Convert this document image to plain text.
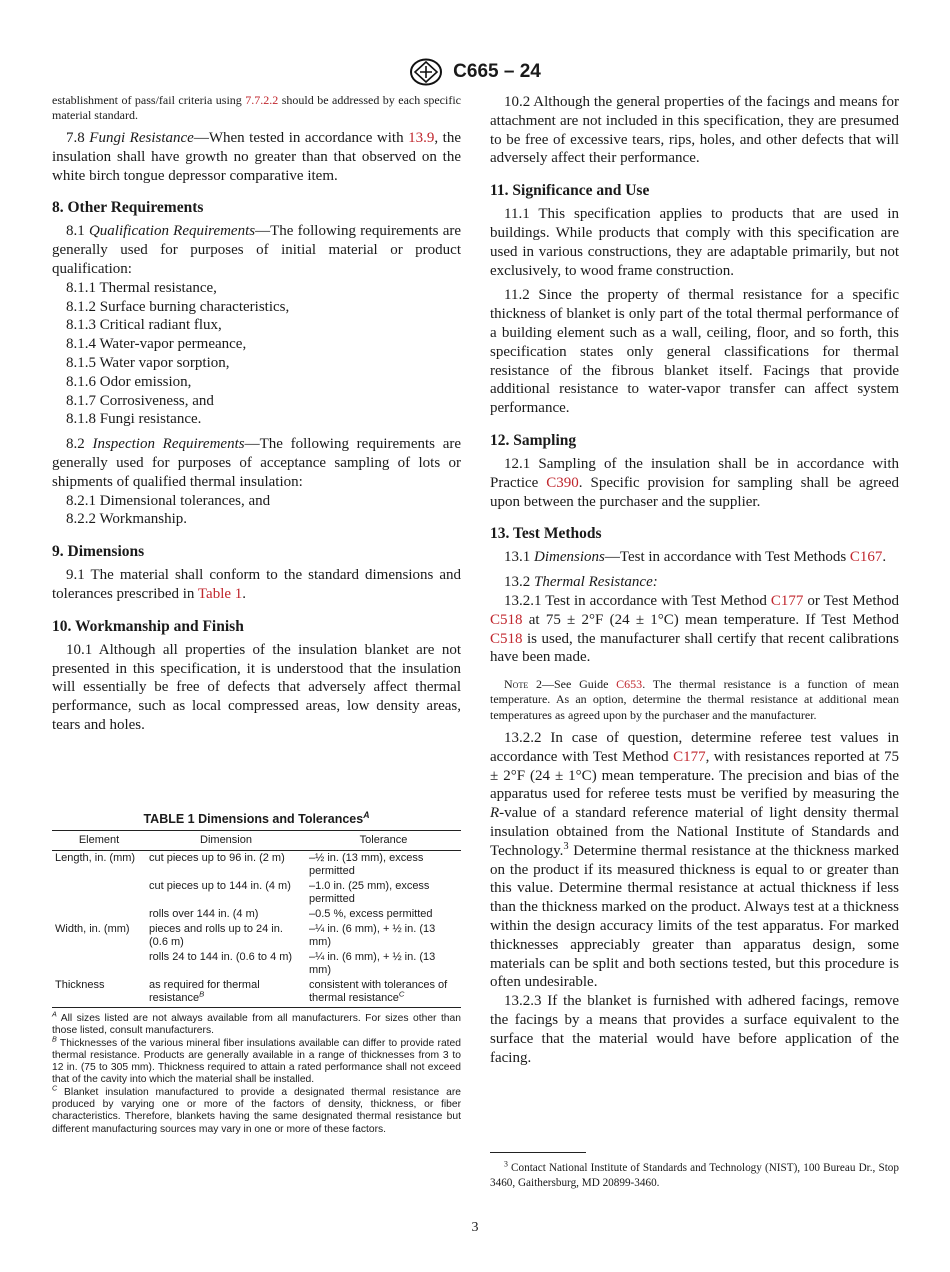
C665 – 24

establishment of pass/fail criteria using 7.7.2.2 should be addressed by each specific material standard.

7.8 Fungi Resistance—When tested in accordance with 13.9, the insulation shall have growth no greater than that observed on the white birch tongue depressor comparative item.

8. Other Requirements

8.1 Qualification Requirements—The following requirements are generally used for purposes of initial material or product qualification:

8.1.1 Thermal resistance,

8.1.2 Surface burning characteristics,

8.1.3 Critical radiant flux,

8.1.4 Water-vapor permeance,

8.1.5 Water vapor sorption,

8.1.6 Odor emission,

8.1.7 Corrosiveness, and

8.1.8 Fungi resistance.

8.2 Inspection Requirements—The following requirements are generally used for purposes of acceptance sampling of lots or shipments of qualified thermal insulation:

8.2.1 Dimensional tolerances, and

8.2.2 Workmanship.

9. Dimensions

9.1 The material shall conform to the standard dimensions and tolerances prescribed in Table 1.

10. Workmanship and Finish

10.1 Although all properties of the insulation blanket are not presented in this specification, it is understood that the insulation will essentially be free of defects that adversely affect thermal performance, such as local compressed areas, low density areas, tears and holes.

TABLE 1 Dimensions and Tolerances$^A$
Element	Dimension	Tolerance
Length, in. (mm)	cut pieces up to 96 in. (2 m)	–½ in. (13 mm), excess permitted
	cut pieces up to 144 in. (4 m)	–1.0 in. (25 mm), excess permitted
	rolls over 144 in. (4 m)	–0.5 %, excess permitted
Width, in. (mm)	pieces and rolls up to 24 in. (0.6 m)	–¼ in. (6 mm), + ½ in. (13 mm)
	rolls 24 to 144 in. (0.6 to 4 m)	–¼ in. (6 mm), + ½ in. (13 mm)
Thickness	as required for thermal resistance$^B$	consistent with tolerances of thermal resistance$^C$

$^A$ All sizes listed are not always available from all manufacturers. For sizes other than those listed, consult manufacturers.

$^B$ Thicknesses of the various mineral fiber insulations available can differ to provide rated thermal resistance. Products are generally available in a range of thicknesses from 3 to 12 in. (75 to 305 mm). Thickness required to attain a rated performance shall not exceed that of the cavity into which the material shall be installed.

$^C$ Blanket insulation manufactured to provide a designated thermal resistance are produced by varying one or more of the factors of density, thickness, or fiber characteristics. Therefore, blankets having the same designated thermal resistance but different manufacturing sources may vary in one or more of these factors.

10.2 Although the general properties of the facings and means for attachment are not included in this specification, they are presumed to be free of excessive tears, rips, holes, and other defects that will adversely affect their performance.

11. Significance and Use

11.1 This specification applies to products that are used in buildings. While products that comply with this specification are used in various constructions, they are adaptable primarily, but not exclusively, to wood frame construction.

11.2 Since the property of thermal resistance for a specific thickness of blanket is only part of the total thermal performance of a building element such as a wall, ceiling, floor, and so forth, this specification states only general classifications for thermal resistance of the fibrous blanket itself. Facings that provide additional resistance to water-vapor transfer can affect system performance.

12. Sampling

12.1 Sampling of the insulation shall be in accordance with Practice C390. Specific provision for sampling shall be agreed upon between the purchaser and the supplier.

13. Test Methods

13.1 Dimensions—Test in accordance with Test Methods C167.

13.2 Thermal Resistance:

13.2.1 Test in accordance with Test Method C177 or Test Method C518 at 75 ± 2°F (24 ± 1°C) mean temperature. If Test Method C518 is used, the manufacturer shall certify that recent calibrations have been made.

Note 2—See Guide C653. The thermal resistance is a function of mean temperature. As an option, determine the thermal resistance at additional mean temperatures as agreed upon by the purchaser and the manufacturer.

13.2.2 In case of question, determine referee test values in accordance with Test Method C177, with resistances reported at 75 ± 2°F (24 ± 1°C) mean temperature. The precision and bias of the apparatus used for referee tests must be verified by measuring the R-value of a standard reference material of light density thermal insulation obtained from the National Institute of Standards and Technology.$^3$ Determine thermal resistance at the thickness marked on the product if its measured thickness is equal to or greater than this value. Determine thermal resistance at actual thickness if less than the thickness marked on the product. Always test at a thickness within the design accuracy limits of the test apparatus. For marked thicknesses appreciably greater than apparatus design, some materials can be split and both sections tested, but this procedure is often undesirable.

13.2.3 If the blanket is furnished with adhered facings, remove the facings by a means that provides a surface equivalent to the surface that the material would have before application of the facing.

$^3$ Contact National Institute of Standards and Technology (NIST), 100 Bureau Dr., Stop 3460, Gaithersburg, MD 20899-3460.
3
